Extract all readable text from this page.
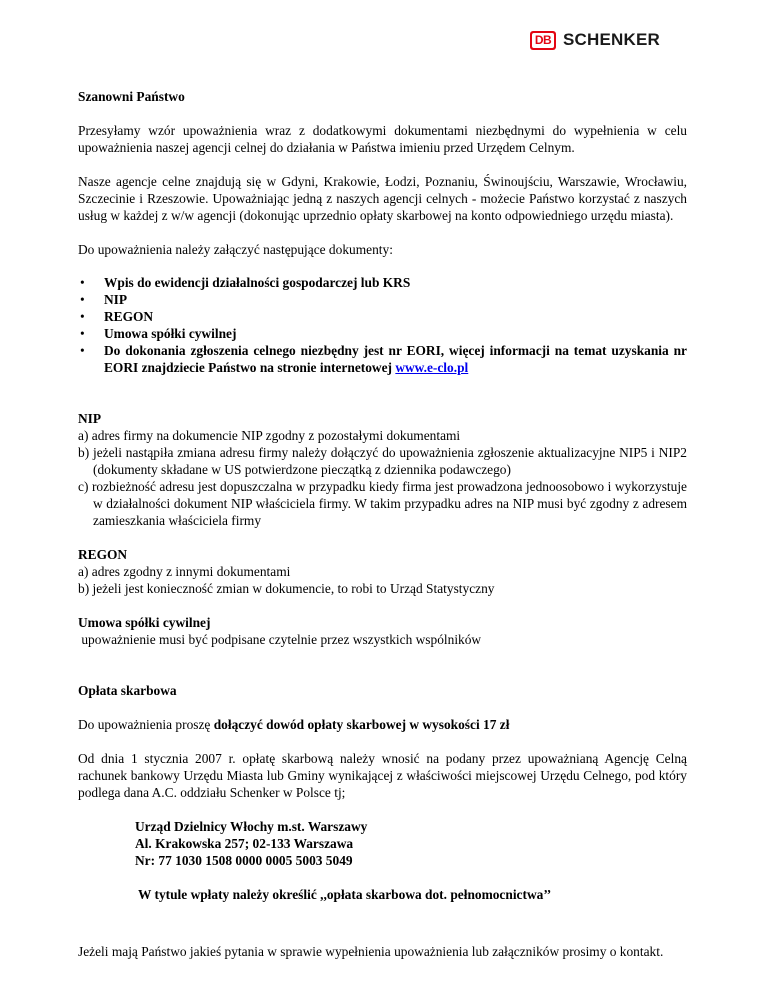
DB SCHENKER

Szanowni Państwo

Przesyłamy wzór upoważnienia wraz z dodatkowymi dokumentami niezbędnymi do wypełnienia w celu upoważnienia naszej agencji celnej do działania w Państwa imieniu przed Urzędem Celnym.

Nasze agencje celne znajdują się w Gdyni, Krakowie, Łodzi, Poznaniu, Świnoujściu, Warszawie, Wrocławiu, Szczecinie i Rzeszowie. Upoważniając jedną z naszych agencji celnych - możecie Państwo korzystać z naszych usług w każdej z w/w agencji (dokonując uprzednio opłaty skarbowej na konto odpowiedniego urzędu miasta).

Do upoważnienia należy załączyć następujące dokumenty:

• Wpis do ewidencji działalności gospodarczej lub KRS
• NIP
• REGON
• Umowa spółki cywilnej
• Do dokonania zgłoszenia celnego niezbędny jest nr EORI, więcej informacji na temat uzyskania nr EORI znajdziecie Państwo na stronie internetowej www.e-clo.pl

NIP

a) adres firmy na dokumencie NIP zgodny z pozostałymi dokumentami

b) jeżeli nastąpiła zmiana adresu firmy należy dołączyć do upoważnienia zgłoszenie aktualizacyjne NIP5 i NIP2 (dokumenty składane w US potwierdzone pieczątką z dziennika podawczego)

c) rozbieżność adresu jest dopuszczalna w przypadku kiedy firma jest prowadzona jednoosobowo i wykorzystuje w działalności dokument NIP właściciela firmy. W takim przypadku adres na NIP musi być zgodny z adresem zamieszkania właściciela firmy

REGON

a) adres zgodny z innymi dokumentami

b) jeżeli jest konieczność zmian w dokumencie, to robi to Urząd Statystyczny

Umowa spółki cywilnej

upoważnienie musi być podpisane czytelnie przez wszystkich wspólników

Opłata skarbowa

Do upoważnienia proszę dołączyć dowód opłaty skarbowej w wysokości 17 zł

Od dnia 1 stycznia 2007 r. opłatę skarbową należy wnosić na podany przez upoważnianą Agencję Celną rachunek bankowy Urzędu Miasta lub Gminy wynikającej z właściwości miejscowej Urzędu Celnego, pod który podlega dana A.C. oddziału Schenker w Polsce tj;

Urząd Dzielnicy Włochy m.st. Warszawy

Al. Krakowska 257; 02-133 Warszawa

Nr: 77 1030 1508 0000 0005 5003 5049

W tytule wpłaty należy określić ,,opłata skarbowa dot. pełnomocnictwa’’

Jeżeli mają Państwo jakieś pytania w sprawie wypełnienia upoważnienia lub załączników prosimy o kontakt.
